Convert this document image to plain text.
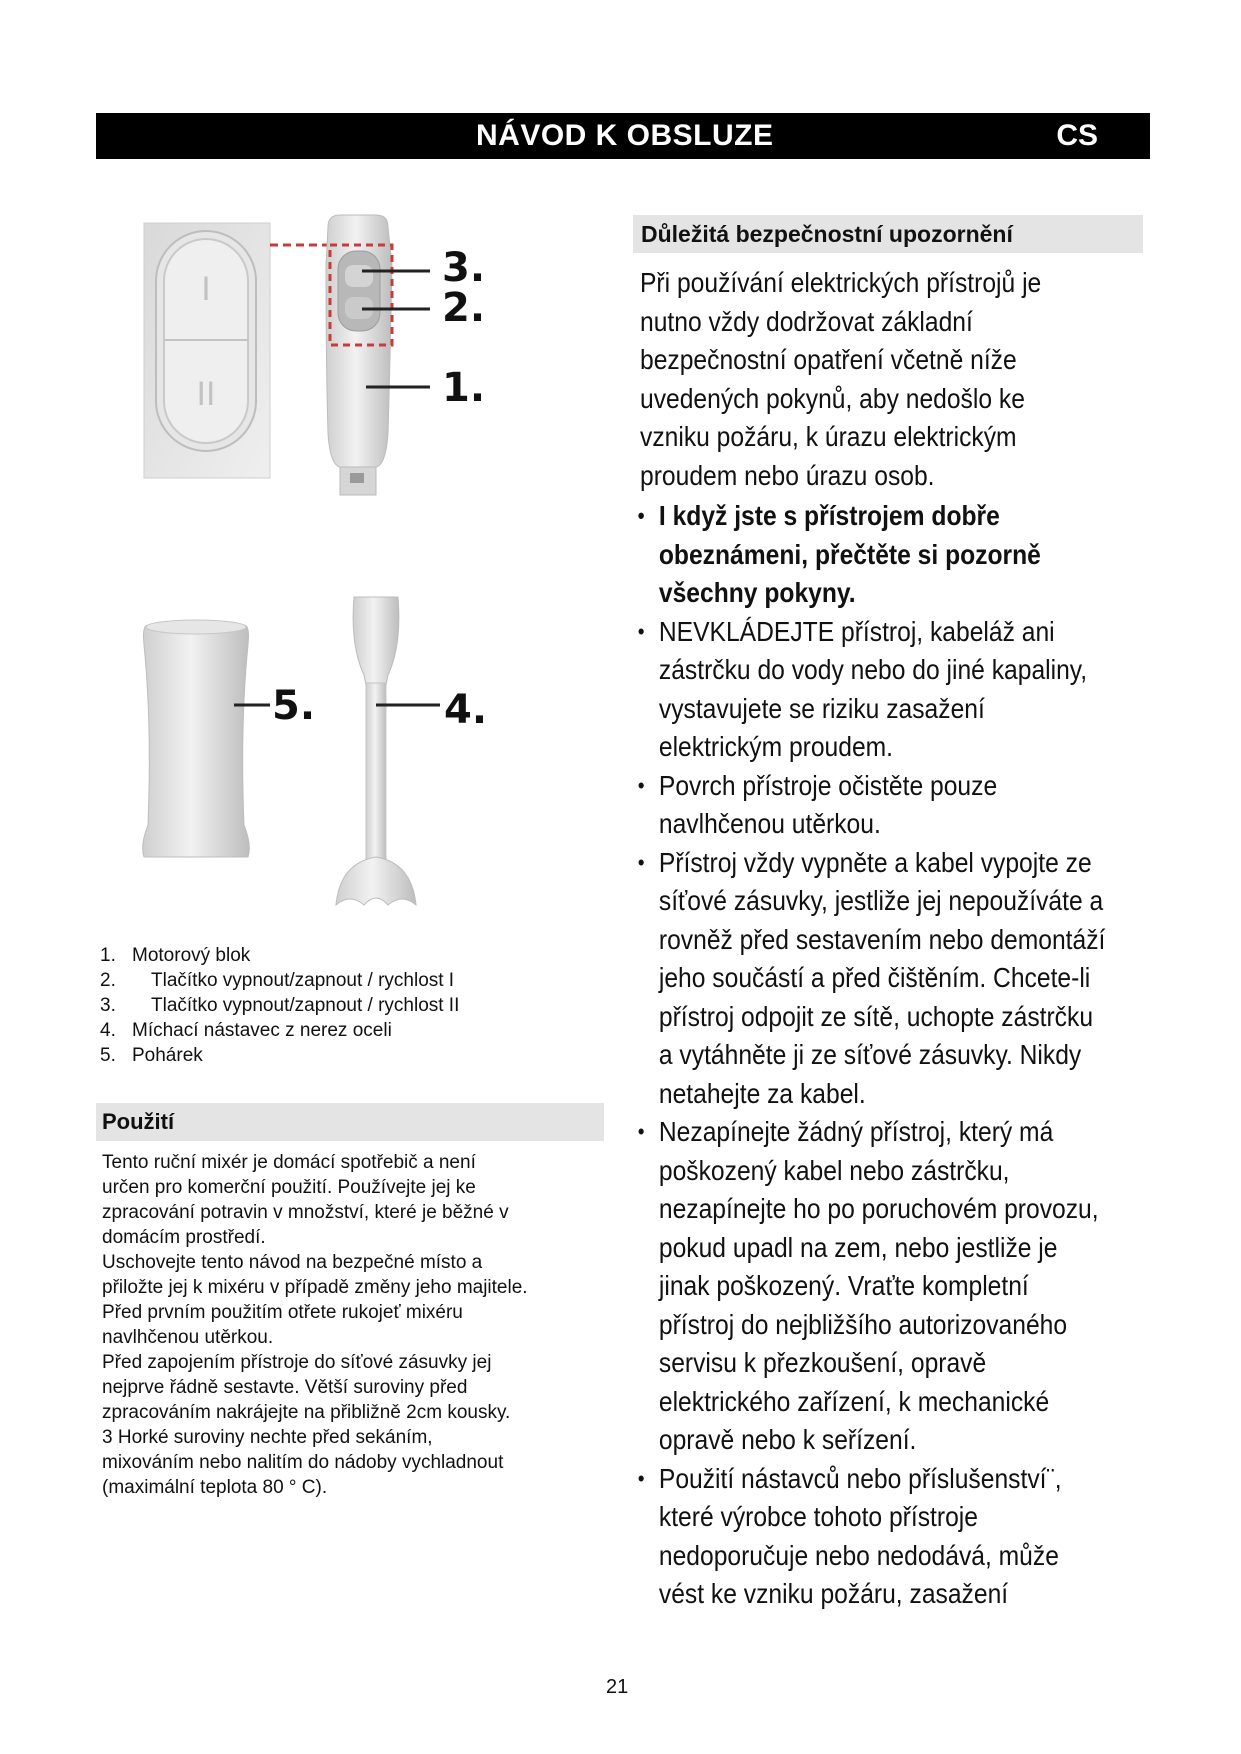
NÁVOD K OBSLUZE	CS
I
II
3.
2.
1.
5.	4.
1. Motorový blok
2. Tlačítko vypnout/zapnout / rychlost I
3. Tlačítko vypnout/zapnout / rychlost II
4. Míchací nástavec z nerez oceli
5. Pohárek
Použití

Tento ruční mixér je domácí spotřebič a není
určen pro komerční použití. Používejte jej ke
zpracování potravin v množství, které je běžné v
domácím prostředí.
Uschovejte tento návod na bezpečné místo a
přiložte jej k mixéru v případě změny jeho majitele.
Před prvním použitím otřete rukojeť mixéru
navlhčenou utěrkou.
Před zapojením přístroje do síťové zásuvky jej
nejprve řádně sestavte. Větší suroviny před
zpracováním nakrájejte na přibližně 2cm kousky.
3 Horké suroviny nechte před sekáním,
mixováním nebo nalitím do nádoby vychladnout
(maximální teplota 80 ° C).

Důležitá bezpečnostní upozornění

Při používání elektrických přístrojů je
nutno vždy dodržovat základní
bezpečnostní opatření včetně níže
uvedených pokynů, aby nedošlo ke
vzniku požáru, k úrazu elektrickým
proudem nebo úrazu osob.

• I když jste s přístrojem dobře
obeznámeni, přečtěte si pozorně
všechny pokyny.
• NEVKLÁDEJTE přístroj, kabeláž ani
zástrčku do vody nebo do jiné kapaliny,
vystavujete se riziku zasažení
elektrickým proudem.
• Povrch přístroje očistěte pouze
navlhčenou utěrkou.
• Přístroj vždy vypněte a kabel vypojte ze
síťové zásuvky, jestliže jej nepoužíváte a
rovněž před sestavením nebo demontáží
jeho součástí a před čištěním. Chcete-li
přístroj odpojit ze sítě, uchopte zástrčku
a vytáhněte ji ze síťové zásuvky. Nikdy
netahejte za kabel.
• Nezapínejte žádný přístroj, který má
poškozený kabel nebo zástrčku,
nezapínejte ho po poruchovém provozu,
pokud upadl na zem, nebo jestliže je
jinak poškozený. Vraťte kompletní
přístroj do nejbližšího autorizovaného
servisu k přezkoušení, opravě
elektrického zařízení, k mechanické
opravě nebo k seřízení.
• Použití nástavců nebo příslušenství¨,
které výrobce tohoto přístroje
nedoporučuje nebo nedodává, může
vést ke vzniku požáru, zasažení
21
